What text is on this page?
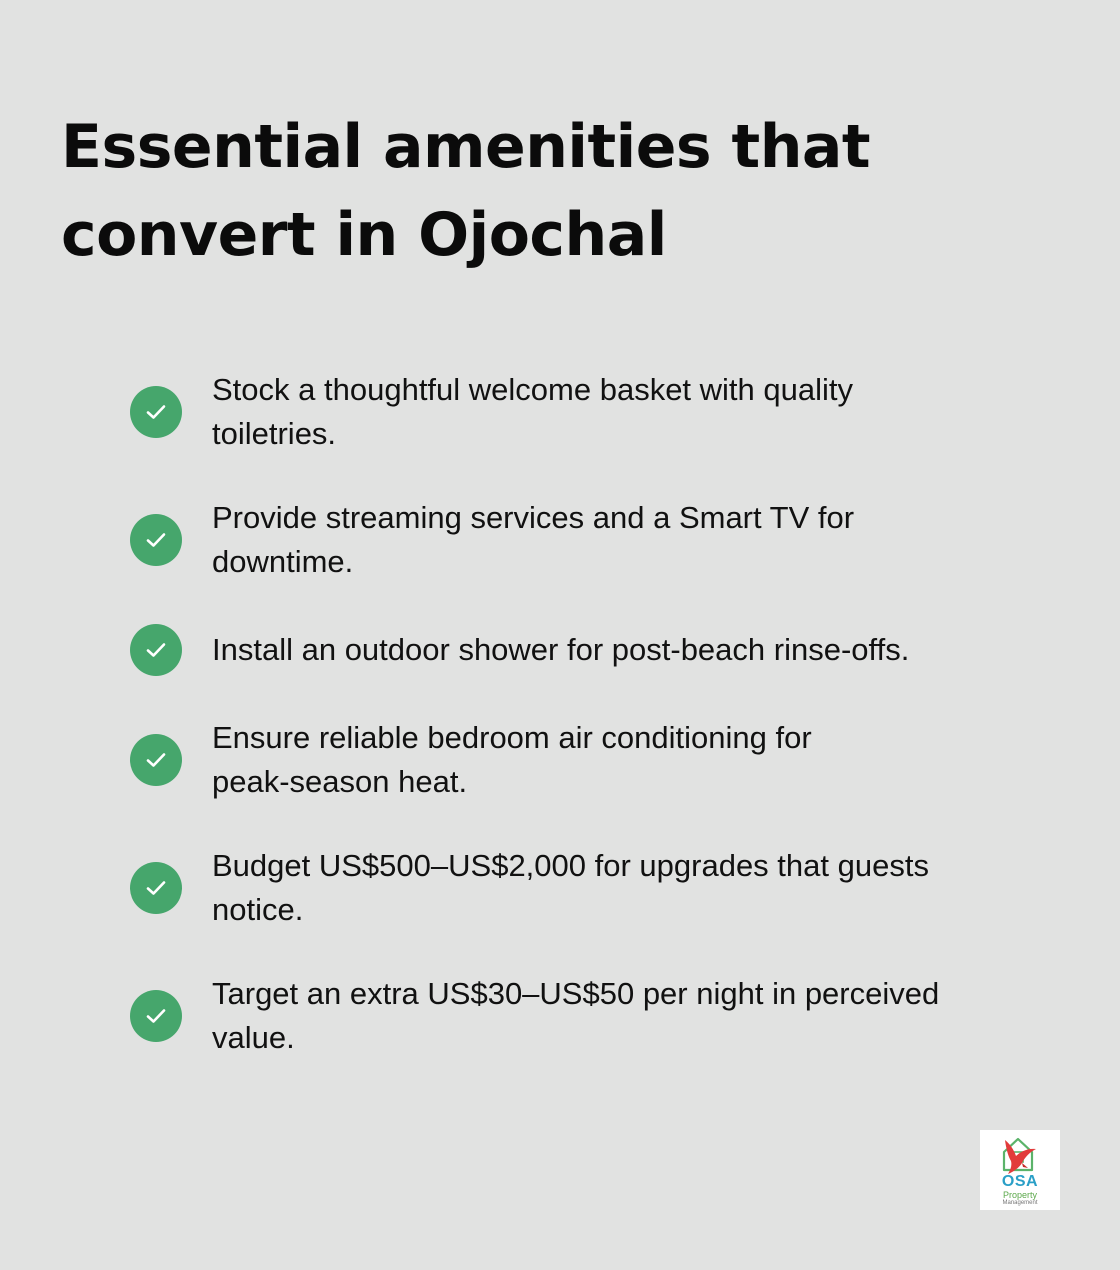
Essential amenities that
convert in Ojochal
Stock a thoughtful welcome basket with quality
toiletries.
Provide streaming services and a Smart TV for
downtime.
Install an outdoor shower for post-beach rinse-offs.
Ensure reliable bedroom air conditioning for
peak-season heat.
Budget US$500–US$2,000 for upgrades that guests
notice.
Target an extra US$30–US$50 per night in perceived
value.
OSA
Property
Management
